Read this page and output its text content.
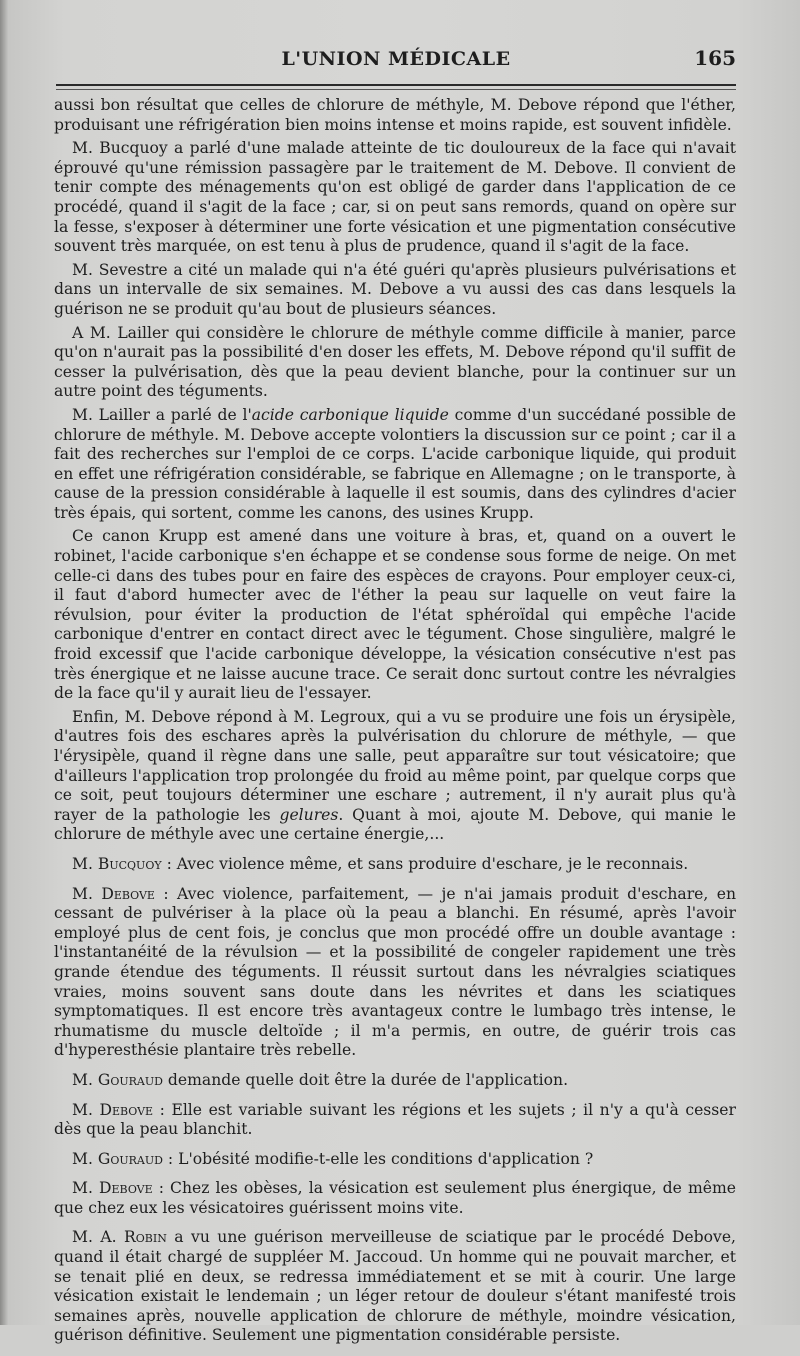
L'UNION MÉDICALE	165

aussi bon résultat que celles de chlorure de méthyle, M. Debove répond que l'éther, produisant une réfrigération bien moins intense et moins rapide, est souvent infidèle.

M. Bucquoy a parlé d'une malade atteinte de tic douloureux de la face qui n'avait éprouvé qu'une rémission passagère par le traitement de M. Debove. Il convient de tenir compte des ménagements qu'on est obligé de garder dans l'application de ce procédé, quand il s'agit de la face ; car, si on peut sans remords, quand on opère sur la fesse, s'exposer à déterminer une forte vésication et une pigmentation consécutive souvent très marquée, on est tenu à plus de prudence, quand il s'agit de la face.

M. Sevestre a cité un malade qui n'a été guéri qu'après plusieurs pulvérisations et dans un intervalle de six semaines. M. Debove a vu aussi des cas dans lesquels la guérison ne se produit qu'au bout de plusieurs séances.

A M. Lailler qui considère le chlorure de méthyle comme difficile à manier, parce qu'on n'aurait pas la possibilité d'en doser les effets, M. Debove répond qu'il suffit de cesser la pulvérisation, dès que la peau devient blanche, pour la continuer sur un autre point des téguments.

M. Lailler a parlé de l'acide carbonique liquide comme d'un succédané possible de chlorure de méthyle. M. Debove accepte volontiers la discussion sur ce point ; car il a fait des recherches sur l'emploi de ce corps. L'acide carbonique liquide, qui produit en effet une réfrigération considérable, se fabrique en Allemagne ; on le transporte, à cause de la pression considérable à laquelle il est soumis, dans des cylindres d'acier très épais, qui sortent, comme les canons, des usines Krupp.

Ce canon Krupp est amené dans une voiture à bras, et, quand on a ouvert le robinet, l'acide carbonique s'en échappe et se condense sous forme de neige. On met celle-ci dans des tubes pour en faire des espèces de crayons. Pour employer ceux-ci, il faut d'abord humecter avec de l'éther la peau sur laquelle on veut faire la révulsion, pour éviter la production de l'état sphéroïdal qui empêche l'acide carbonique d'entrer en contact direct avec le tégument. Chose singulière, malgré le froid excessif que l'acide carbonique développe, la vésication consécutive n'est pas très énergique et ne laisse aucune trace. Ce serait donc surtout contre les névralgies de la face qu'il y aurait lieu de l'essayer.

Enfin, M. Debove répond à M. Legroux, qui a vu se produire une fois un érysipèle, d'autres fois des eschares après la pulvérisation du chlorure de méthyle, — que l'érysipèle, quand il règne dans une salle, peut apparaître sur tout vésicatoire; que d'ailleurs l'application trop prolongée du froid au même point, par quelque corps que ce soit, peut toujours déterminer une eschare ; autrement, il n'y aurait plus qu'à rayer de la pathologie les gelures. Quant à moi, ajoute M. Debove, qui manie le chlorure de méthyle avec une certaine énergie,...

M. Bucquoy : Avec violence même, et sans produire d'eschare, je le reconnais.

M. Debove : Avec violence, parfaitement, — je n'ai jamais produit d'eschare, en cessant de pulvériser à la place où la peau a blanchi. En résumé, après l'avoir employé plus de cent fois, je conclus que mon procédé offre un double avantage : l'instantanéité de la révulsion — et la possibilité de congeler rapidement une très grande étendue des téguments. Il réussit surtout dans les névralgies sciatiques vraies, moins souvent sans doute dans les névrites et dans les sciatiques symptomatiques. Il est encore très avantageux contre le lumbago très intense, le rhumatisme du muscle deltoïde ; il m'a permis, en outre, de guérir trois cas d'hyperesthésie plantaire très rebelle.

M. Gouraud demande quelle doit être la durée de l'application.

M. Debove : Elle est variable suivant les régions et les sujets ; il n'y a qu'à cesser dès que la peau blanchit.

M. Gouraud : L'obésité modifie-t-elle les conditions d'application ?

M. Debove : Chez les obèses, la vésication est seulement plus énergique, de même que chez eux les vésicatoires guérissent moins vite.

M. A. Robin a vu une guérison merveilleuse de sciatique par le procédé Debove, quand il était chargé de suppléer M. Jaccoud. Un homme qui ne pouvait marcher, et se tenait plié en deux, se redressa immédiatement et se mit à courir. Une large vésication existait le lendemain ; un léger retour de douleur s'étant manifesté trois semaines après, nouvelle application de chlorure de méthyle, moindre vésication, guérison définitive. Seulement une pigmentation considérable persiste.
